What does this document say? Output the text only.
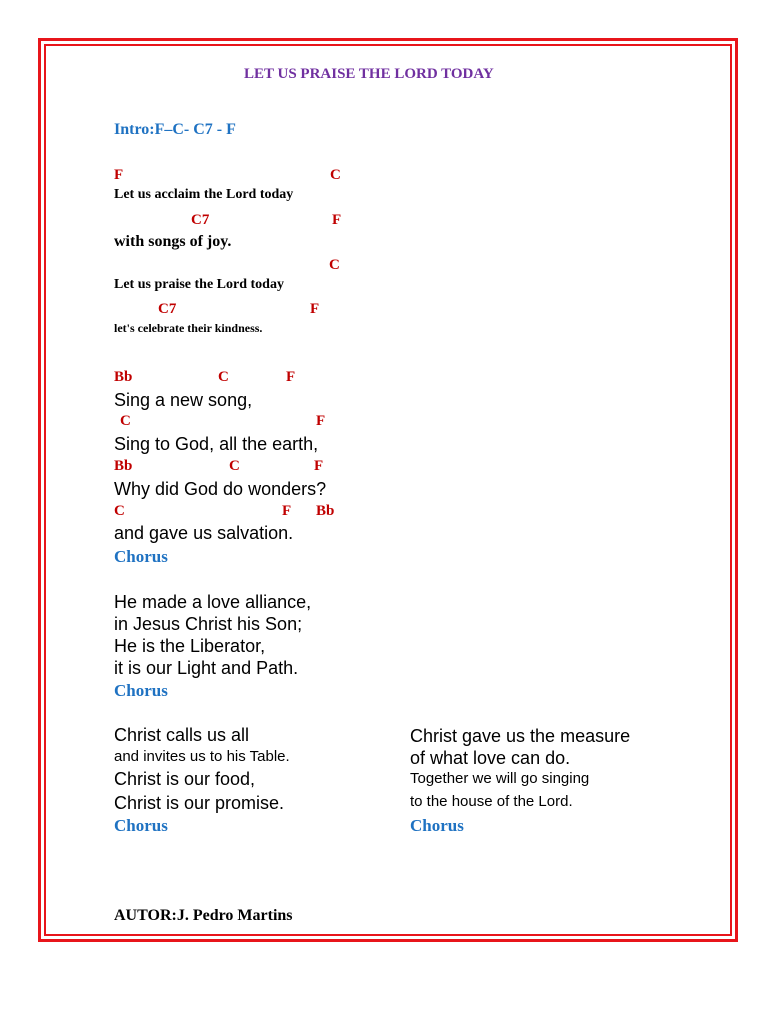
LET US PRAISE THE LORD TODAY
Intro:F–C- C7 - F
F	C
Let us acclaim the Lord today
C7	F
with songs of joy.
C
Let us praise the Lord today
C7	F
let's celebrate their kindness.
Bb	C	F
Sing a new song,
C	F
Sing to God, all the earth,
Bb	C	F
Why did God do wonders?
C	F Bb
and gave us salvation.
Chorus
He made a love alliance,
in Jesus Christ his Son;
He is the Liberator,
it is our Light and Path.
Chorus
Christ calls us all
and invites us to his Table.
Christ is our food,
Christ is our promise.
Chorus
Christ gave us the measure
of what love can do.
Together we will go singing
to the house of the Lord.
Chorus
AUTOR:J. Pedro Martins
